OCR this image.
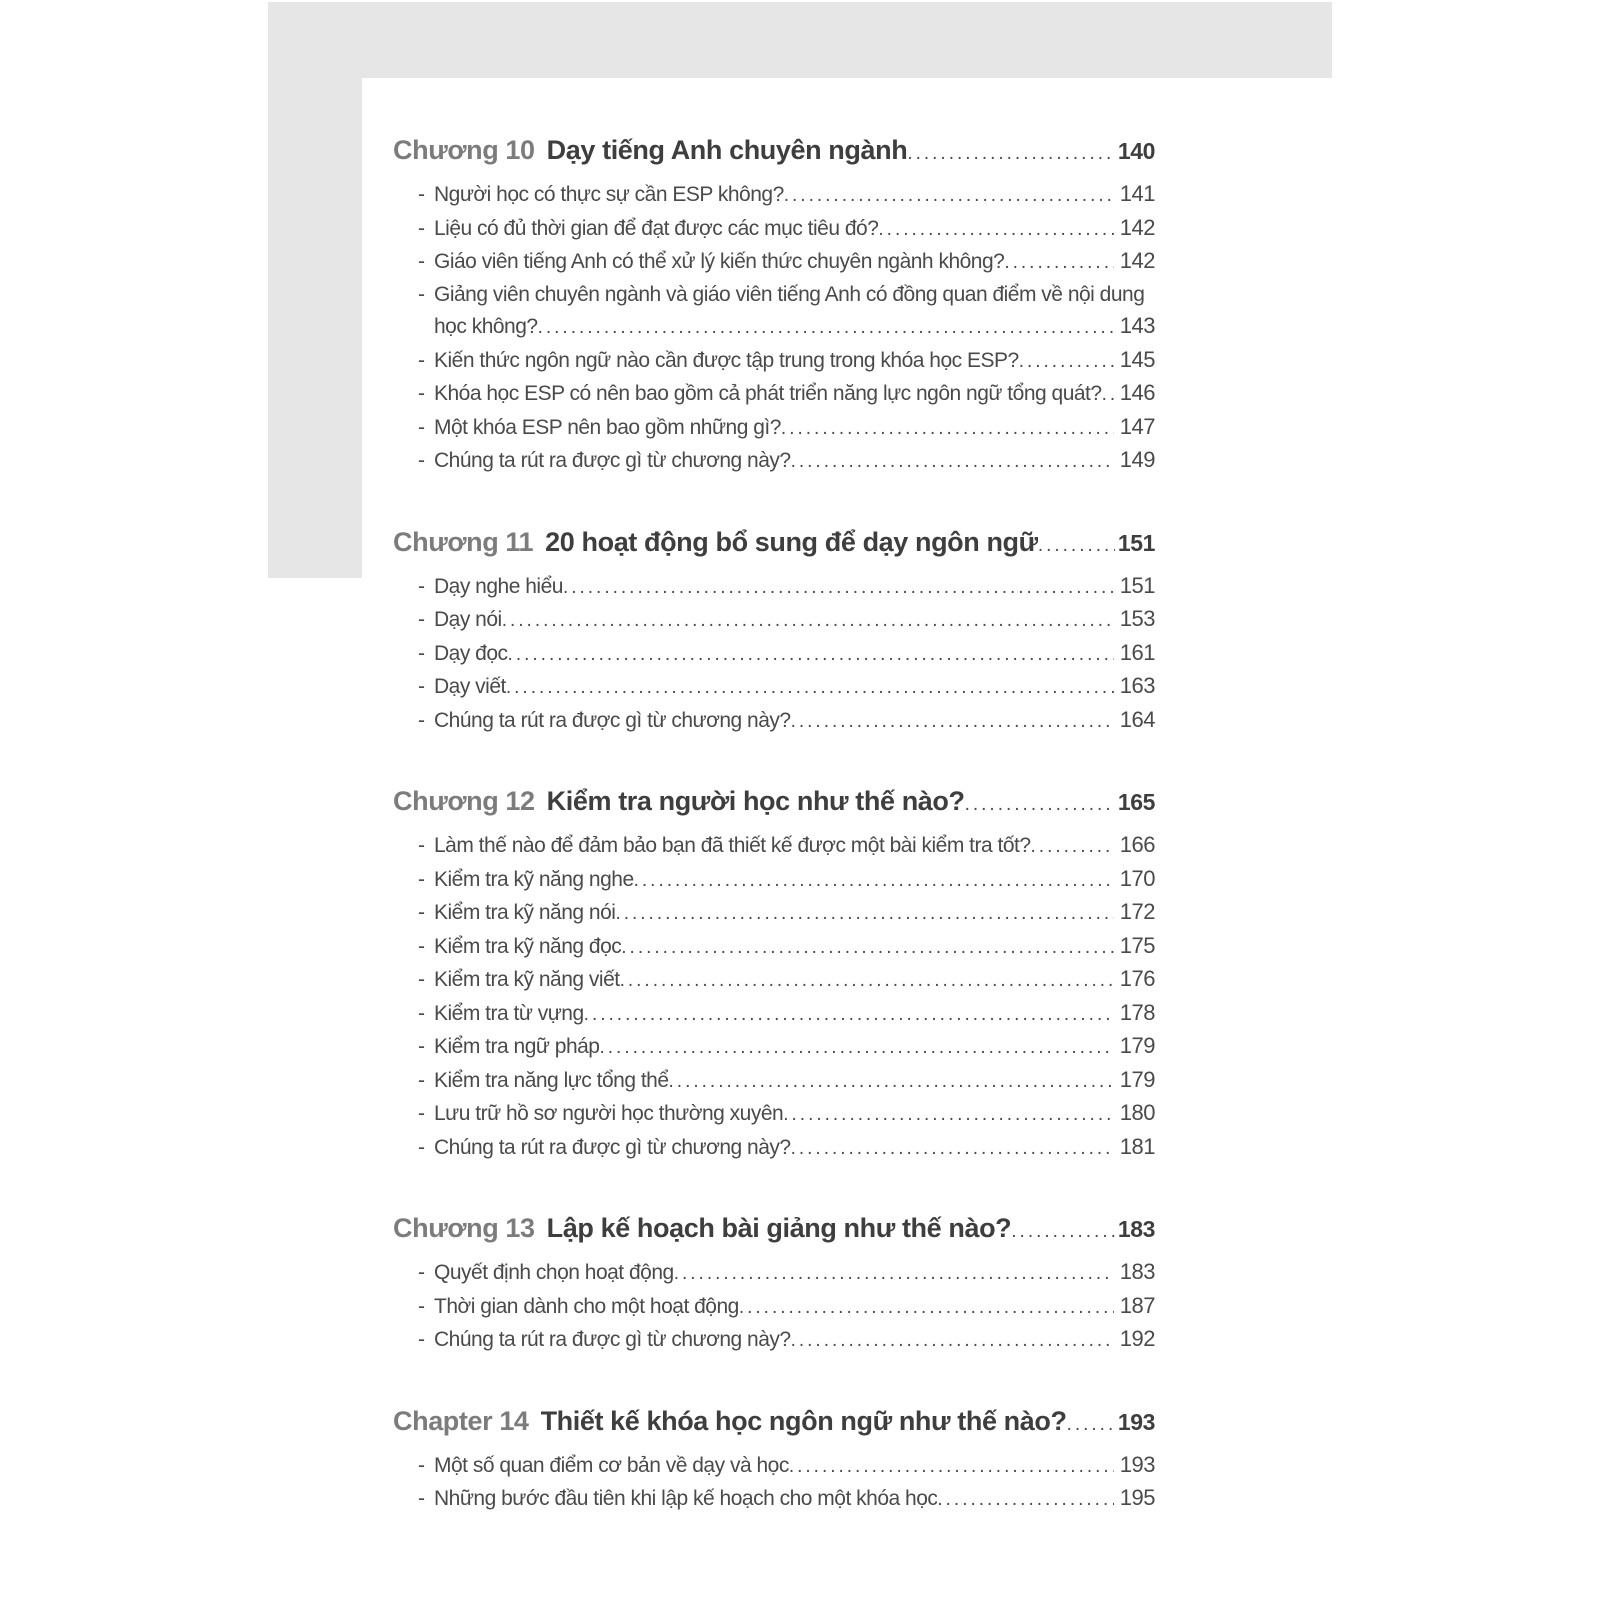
Chương 10 Dạy tiếng Anh chuyên ngành .....	140
- Người học có thực sự cần ESP không? .....	141
- Liệu có đủ thời gian để đạt được các mục tiêu đó? .....	142
- Giáo viên tiếng Anh có thể xử lý kiến thức chuyên ngành không? .....	142
- Giảng viên chuyên ngành và giáo viên tiếng Anh có đồng quan điểm về nội dung
học không? .....	143
- Kiến thức ngôn ngữ nào cần được tập trung trong khóa học ESP? .....	145
- Khóa học ESP có nên bao gồm cả phát triển năng lực ngôn ngữ tổng quát? ..... 146
- Một khóa ESP nên bao gồm những gì? .....	147
- Chúng ta rút ra được gì từ chương này? .....	149
Chương 11 20 hoạt động bổ sung để dạy ngôn ngữ .....	151
- Dạy nghe hiểu .....	151
- Dạy nói .....	153
- Dạy đọc .....	161
- Dạy viết .....	163
- Chúng ta rút ra được gì từ chương này? .....	164
Chương 12 Kiểm tra người học như thế nào? .....	165
- Làm thế nào để đảm bảo bạn đã thiết kế được một bài kiểm tra tốt? .....	166
- Kiểm tra kỹ năng nghe .....	170
- Kiểm tra kỹ năng nói .....	172
- Kiểm tra kỹ năng đọc .....	175
- Kiểm tra kỹ năng viết .....	176
- Kiểm tra từ vựng .....	178
- Kiểm tra ngữ pháp .....	179
- Kiểm tra năng lực tổng thể .....	179
- Lưu trữ hồ sơ người học thường xuyên .....	180
- Chúng ta rút ra được gì từ chương này? .....	181
Chương 13 Lập kế hoạch bài giảng như thế nào? .....	183
- Quyết định chọn hoạt động .....	183
- Thời gian dành cho một hoạt động .....	187
- Chúng ta rút ra được gì từ chương này? .....	192
Chapter 14 Thiết kế khóa học ngôn ngữ như thế nào? ..... 193
- Một số quan điểm cơ bản về dạy và học .....	193
- Những bước đầu tiên khi lập kế hoạch cho một khóa học .....	195
